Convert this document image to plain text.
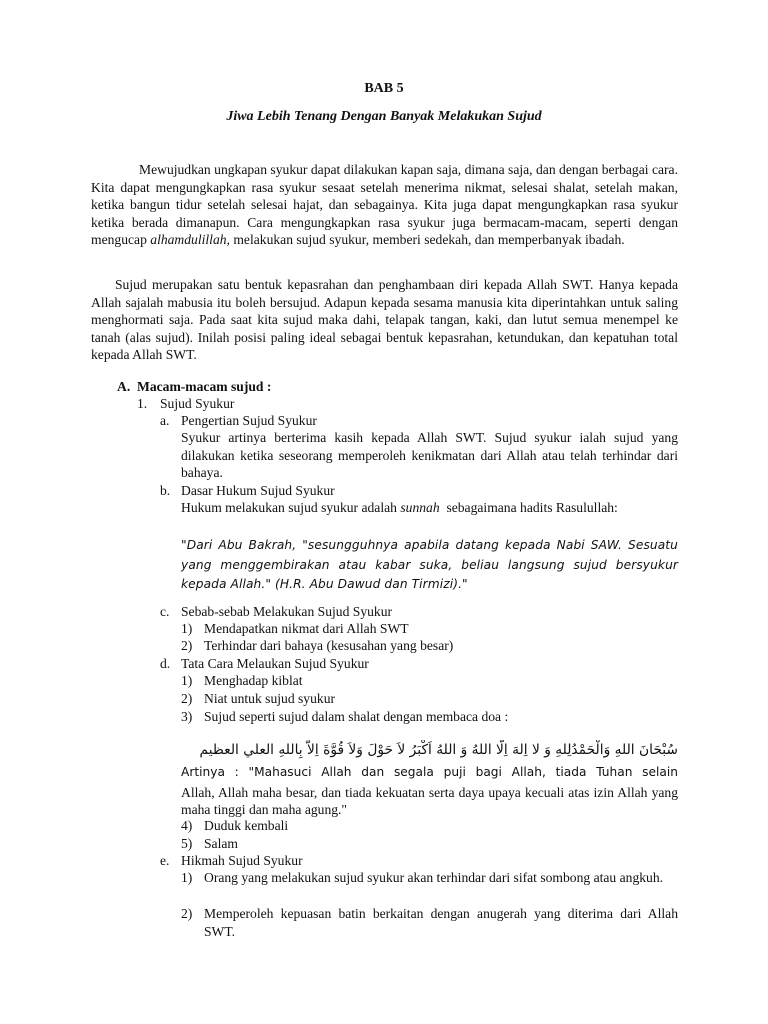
BAB 5
Jiwa Lebih Tenang Dengan Banyak Melakukan Sujud
Mewujudkan ungkapan syukur dapat dilakukan kapan saja, dimana saja, dan dengan berbagai cara. Kita dapat mengungkapkan rasa syukur sesaat setelah menerima nikmat, selesai shalat, setelah makan, ketika bangun tidur setelah selesai hajat, dan sebagainya. Kita juga dapat mengungkapkan rasa syukur ketika berada dimanapun. Cara mengungkapkan rasa syukur juga bermacam-macam, seperti dengan mengucap alhamdulillah, melakukan sujud syukur, memberi sedekah, dan memperbanyak ibadah.
Sujud merupakan satu bentuk kepasrahan dan penghambaan diri kepada Allah SWT. Hanya kepada Allah sajalah mabusia itu boleh bersujud. Adapun kepada sesama manusia kita diperintahkan untuk saling menghormati saja. Pada saat kita sujud maka dahi, telapak tangan, kaki, dan lutut semua menempel ke tanah (alas sujud). Inilah posisi paling ideal sebagai bentuk kepasrahan, ketundukan, dan kepatuhan total kepada Allah SWT.
A. Macam-macam sujud :
1. Sujud Syukur
a. Pengertian Sujud Syukur
Syukur artinya berterima kasih kepada Allah SWT. Sujud syukur ialah sujud yang dilakukan ketika seseorang memperoleh kenikmatan dari Allah atau telah terhindar dari bahaya.
b. Dasar Hukum Sujud Syukur
Hukum melakukan sujud syukur adalah sunnah  sebagaimana hadits Rasulullah:
"Dari Abu Bakrah, "sesungguhnya apabila datang kepada Nabi SAW. Sesuatu yang menggembirakan atau kabar suka, beliau langsung sujud bersyukur kepada Allah." (H.R. Abu Dawud dan Tirmizi)."
c. Sebab-sebab Melakukan Sujud Syukur
1) Mendapatkan nikmat dari Allah SWT
2) Terhindar dari bahaya (kesusahan yang besar)
d. Tata Cara Melaukan Sujud Syukur
1) Menghadap kiblat
2) Niat untuk sujud syukur
3) Sujud seperti sujud dalam shalat dengan membaca doa :
سُبْحَانَ اللهِ وَالْحَمْدُلِلهِ وَ لا اِلهَ اِلَّا اللهُ وَ اللهُ اَكْبَرُ لاَ حَوْلَ وَلاَ قُوَّةَ اِلاَّ بِاللهِ العلي العظيم
Artinya : "Mahasuci Allah dan segala puji bagi Allah, tiada Tuhan selain
Allah, Allah maha besar, dan tiada kekuatan serta daya upaya kecuali atas izin Allah yang maha tinggi dan maha agung."
4) Duduk kembali
5) Salam
e. Hikmah Sujud Syukur
1) Orang yang melakukan sujud syukur akan terhindar dari sifat sombong atau angkuh.
2) Memperoleh kepuasan batin berkaitan dengan anugerah yang diterima dari Allah SWT.
